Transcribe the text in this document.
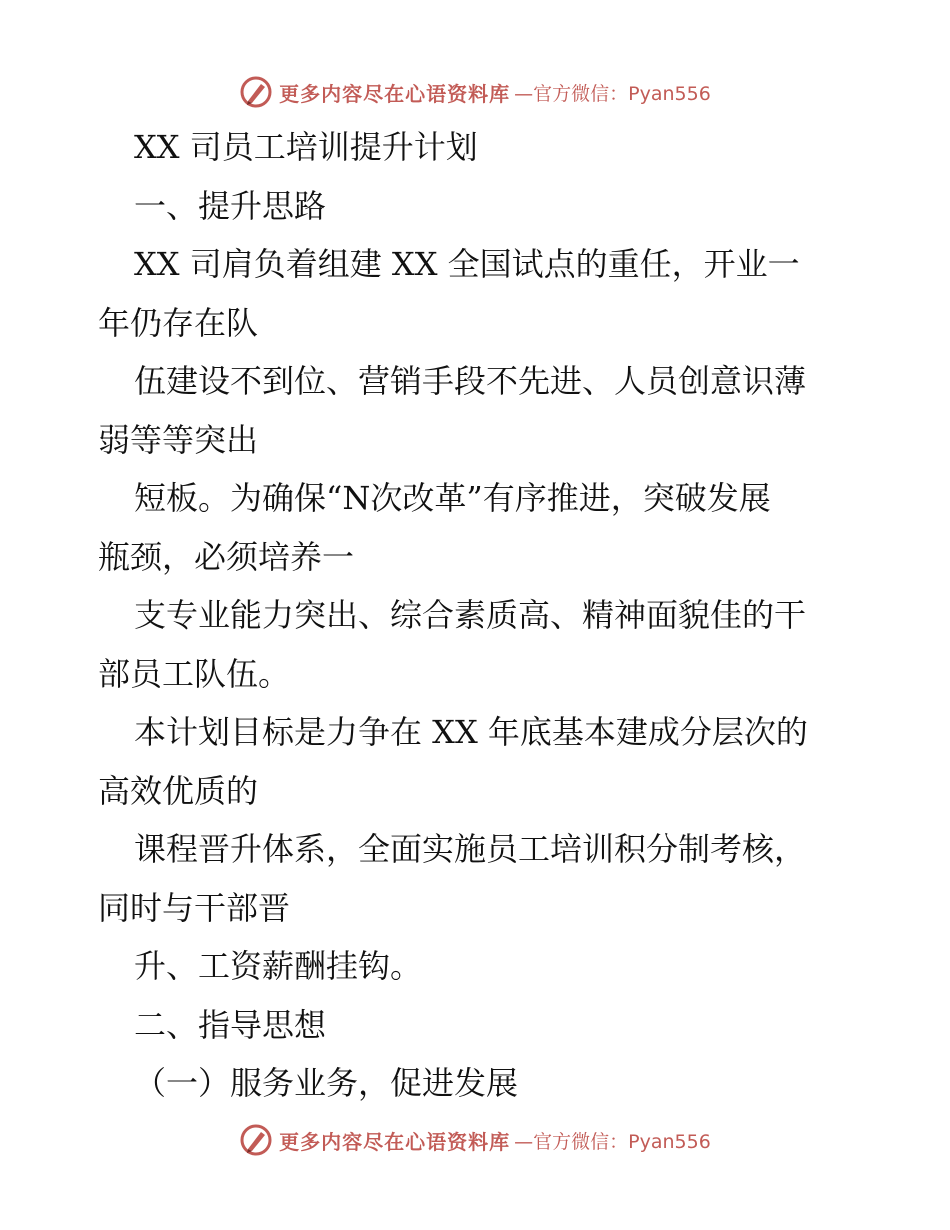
更多内容尽在心语资料库 —官方微信：Pyan556
XX 司员工培训提升计划
一、提升思路
XX 司肩负着组建 XX 全国试点的重任，开业一
年仍存在队
伍建设不到位、营销手段不先进、人员创意识薄
弱等等突出
短板。为确保“N次改革”有序推进，突破发展
瓶颈，必须培养一
支专业能力突出、综合素质高、精神面貌佳的干
部员工队伍。
本计划目标是力争在 XX 年底基本建成分层次的
高效优质的
课程晋升体系，全面实施员工培训积分制考核，
同时与干部晋
升、工资薪酬挂钩。
二、指导思想
（一）服务业务，促进发展
更多内容尽在心语资料库 —官方微信：Pyan556
